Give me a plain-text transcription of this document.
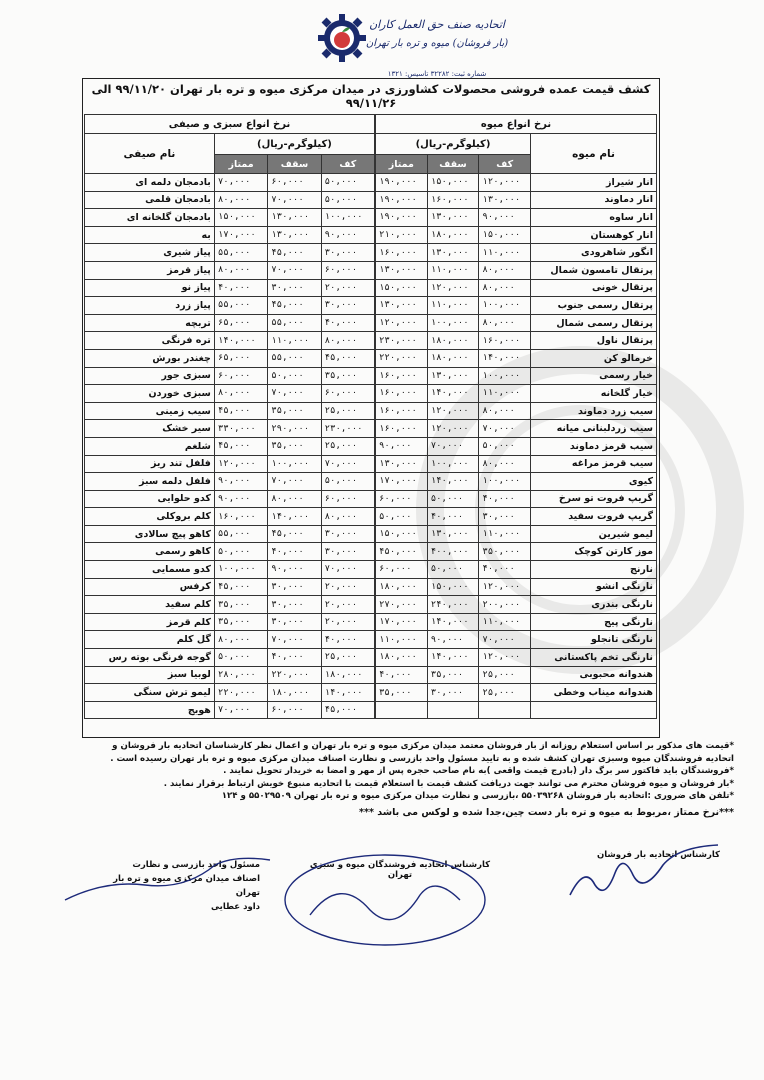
اتحادیه صنف حق العمل کاران
(بار فروشان) میوه و تره بار تهران
شماره ثبت: ۳۲۲۸۲ تاسیس: ۱۳۲۱
کشف قیمت عمده فروشی محصولات کشاورزی در میدان مرکزی میوه و تره بار تهران ۹۹/۱۱/۲۰ الی ۹۹/۱۱/۲۶
نرخ انواع میوه			
نام میوه	(کیلوگرم-ریال)		
	کف	سقف	ممتاز
انار شیراز	۱۲۰,۰۰۰	۱۵۰,۰۰۰	۱۹۰,۰۰۰
انار دماوند	۱۳۰,۰۰۰	۱۶۰,۰۰۰	۱۹۰,۰۰۰
انار ساوه	۹۰,۰۰۰	۱۳۰,۰۰۰	۱۹۰,۰۰۰
انار کوهستان	۱۵۰,۰۰۰	۱۸۰,۰۰۰	۲۱۰,۰۰۰
انگور شاهرودی	۱۱۰,۰۰۰	۱۳۰,۰۰۰	۱۶۰,۰۰۰
پرتقال تامسون شمال	۸۰,۰۰۰	۱۱۰,۰۰۰	۱۳۰,۰۰۰
پرتقال خونی	۸۰,۰۰۰	۱۲۰,۰۰۰	۱۵۰,۰۰۰
پرتقال رسمی جنوب	۱۰۰,۰۰۰	۱۱۰,۰۰۰	۱۳۰,۰۰۰
پرتقال رسمی شمال	۸۰,۰۰۰	۱۰۰,۰۰۰	۱۲۰,۰۰۰
پرتقال ناول	۱۶۰,۰۰۰	۱۸۰,۰۰۰	۲۳۰,۰۰۰
خرمالو کن	۱۴۰,۰۰۰	۱۸۰,۰۰۰	۲۲۰,۰۰۰
خیار رسمی	۱۰۰,۰۰۰	۱۳۰,۰۰۰	۱۶۰,۰۰۰
خیار گلخانه	۱۱۰,۰۰۰	۱۴۰,۰۰۰	۱۶۰,۰۰۰
سیب زرد دماوند	۸۰,۰۰۰	۱۲۰,۰۰۰	۱۶۰,۰۰۰
سیب زردلبنانی میانه	۷۰,۰۰۰	۱۲۰,۰۰۰	۱۶۰,۰۰۰
سیب قرمز دماوند	۵۰,۰۰۰	۷۰,۰۰۰	۹۰,۰۰۰
سیب قرمز مراغه	۸۰,۰۰۰	۱۰۰,۰۰۰	۱۳۰,۰۰۰
کیوی	۱۰۰,۰۰۰	۱۴۰,۰۰۰	۱۷۰,۰۰۰
گریپ فروت تو سرخ	۴۰,۰۰۰	۵۰,۰۰۰	۶۰,۰۰۰
گریپ فروت سفید	۳۰,۰۰۰	۴۰,۰۰۰	۵۰,۰۰۰
لیمو شیرین	۱۱۰,۰۰۰	۱۳۰,۰۰۰	۱۵۰,۰۰۰
موز کارتن کوچک	۳۵۰,۰۰۰	۴۰۰,۰۰۰	۴۵۰,۰۰۰
نارنج	۴۰,۰۰۰	۵۰,۰۰۰	۶۰,۰۰۰
نارنگی انشو	۱۲۰,۰۰۰	۱۵۰,۰۰۰	۱۸۰,۰۰۰
نارنگی بندری	۲۰۰,۰۰۰	۲۴۰,۰۰۰	۲۷۰,۰۰۰
نارنگی پیج	۱۱۰,۰۰۰	۱۴۰,۰۰۰	۱۷۰,۰۰۰
نارنگی تانجلو	۷۰,۰۰۰	۹۰,۰۰۰	۱۱۰,۰۰۰
نارنگی تخم پاکستانی	۱۲۰,۰۰۰	۱۴۰,۰۰۰	۱۸۰,۰۰۰
هندوانه محبوبی	۲۵,۰۰۰	۳۵,۰۰۰	۴۰,۰۰۰
هندوانه میناب وخطی	۲۵,۰۰۰	۳۰,۰۰۰	۳۵,۰۰۰

نرخ انواع سبزی و صیفی			
(کیلوگرم-ریال)			نام صیفی
کف	سقف	ممتاز	
۵۰,۰۰۰	۶۰,۰۰۰	۷۰,۰۰۰	بادمجان دلمه ای
۵۰,۰۰۰	۷۰,۰۰۰	۸۰,۰۰۰	بادمجان قلمی
۱۰۰,۰۰۰	۱۳۰,۰۰۰	۱۵۰,۰۰۰	بادمجان گلخانه ای
۹۰,۰۰۰	۱۳۰,۰۰۰	۱۷۰,۰۰۰	به
۳۰,۰۰۰	۴۵,۰۰۰	۵۵,۰۰۰	پیاز شیری
۶۰,۰۰۰	۷۰,۰۰۰	۸۰,۰۰۰	پیاز قرمز
۲۰,۰۰۰	۳۰,۰۰۰	۴۰,۰۰۰	پیاز نو
۳۰,۰۰۰	۴۵,۰۰۰	۵۵,۰۰۰	پیاز زرد
۴۰,۰۰۰	۵۵,۰۰۰	۶۵,۰۰۰	تربچه
۸۰,۰۰۰	۱۱۰,۰۰۰	۱۴۰,۰۰۰	تره فرنگی
۴۵,۰۰۰	۵۵,۰۰۰	۶۵,۰۰۰	چغندر بورش
۳۵,۰۰۰	۵۰,۰۰۰	۶۰,۰۰۰	سبزی جور
۶۰,۰۰۰	۷۰,۰۰۰	۸۰,۰۰۰	سبزی خوردن
۲۵,۰۰۰	۳۵,۰۰۰	۴۵,۰۰۰	سیب زمینی
۲۳۰,۰۰۰	۲۹۰,۰۰۰	۳۳۰,۰۰۰	سیر خشک
۲۵,۰۰۰	۳۵,۰۰۰	۴۵,۰۰۰	شلغم
۷۰,۰۰۰	۱۰۰,۰۰۰	۱۲۰,۰۰۰	فلفل تند ریز
۵۰,۰۰۰	۷۰,۰۰۰	۹۰,۰۰۰	فلفل دلمه سبز
۶۰,۰۰۰	۸۰,۰۰۰	۹۰,۰۰۰	کدو حلوایی
۸۰,۰۰۰	۱۴۰,۰۰۰	۱۶۰,۰۰۰	کلم بروکلی
۳۰,۰۰۰	۴۵,۰۰۰	۵۵,۰۰۰	کاهو پیچ سالادی
۳۰,۰۰۰	۴۰,۰۰۰	۵۰,۰۰۰	کاهو رسمی
۷۰,۰۰۰	۹۰,۰۰۰	۱۰۰,۰۰۰	کدو مسمایی
۲۰,۰۰۰	۳۰,۰۰۰	۴۵,۰۰۰	کرفس
۲۰,۰۰۰	۳۰,۰۰۰	۳۵,۰۰۰	کلم سفید
۲۰,۰۰۰	۳۰,۰۰۰	۳۵,۰۰۰	کلم قرمز
۴۰,۰۰۰	۷۰,۰۰۰	۸۰,۰۰۰	گل کلم
۲۵,۰۰۰	۴۰,۰۰۰	۵۰,۰۰۰	گوجه فرنگی بوته رس
۱۸۰,۰۰۰	۲۲۰,۰۰۰	۲۸۰,۰۰۰	لوبیا سبز
۱۴۰,۰۰۰	۱۸۰,۰۰۰	۲۲۰,۰۰۰	لیمو ترش سنگی
۴۵,۰۰۰	۶۰,۰۰۰	۷۰,۰۰۰	هویج

*قیمت های مذکور بر اساس استعلام روزانه از بار فروشان معتمد میدان مرکزی میوه و تره بار تهران و اعمال نظر کارشناسان اتحادیه بار فروشان و

اتحادیه فروشندگان میوه وسبزی تهران کشف شده و به تایید مسئول واحد بازرسی و نظارت اصناف میدان مرکزی میوه و تره بار تهران رسیده است .

*فروشندگان باید فاکتور سر برگ دار (بادرج قیمت واقعی )به نام صاحب حجره پس از مهر و امضا به خریدار تحویل نمایند .

*بار فروشان و میوه فروشان محترم می توانند جهت دریافت کشف قیمت با استعلام قیمت با اتحادیه منبوع خویش ارتباط برقرار نمایند .

*تلفن های ضروری :اتحادیه بار فروشان ۵۵۰۳۹۲۶۸ ،بازرسی و نظارت میدان مرکزی میوه و تره بار تهران ۵۵۰۲۹۵۰۹ و ۱۲۴

***نرخ ممتاز ،مربوط به میوه و تره بار دست چین،جدا شده و لوکس می باشد ***

کارشناس اتحادیه بار فروشان
کارشناس اتحادیه فروشندگان میوه و سبزی تهران
مسئول واحد بازرسی و نظارت
اصناف میدان مرکزی میوه و تره بار تهران
داود عطایی
